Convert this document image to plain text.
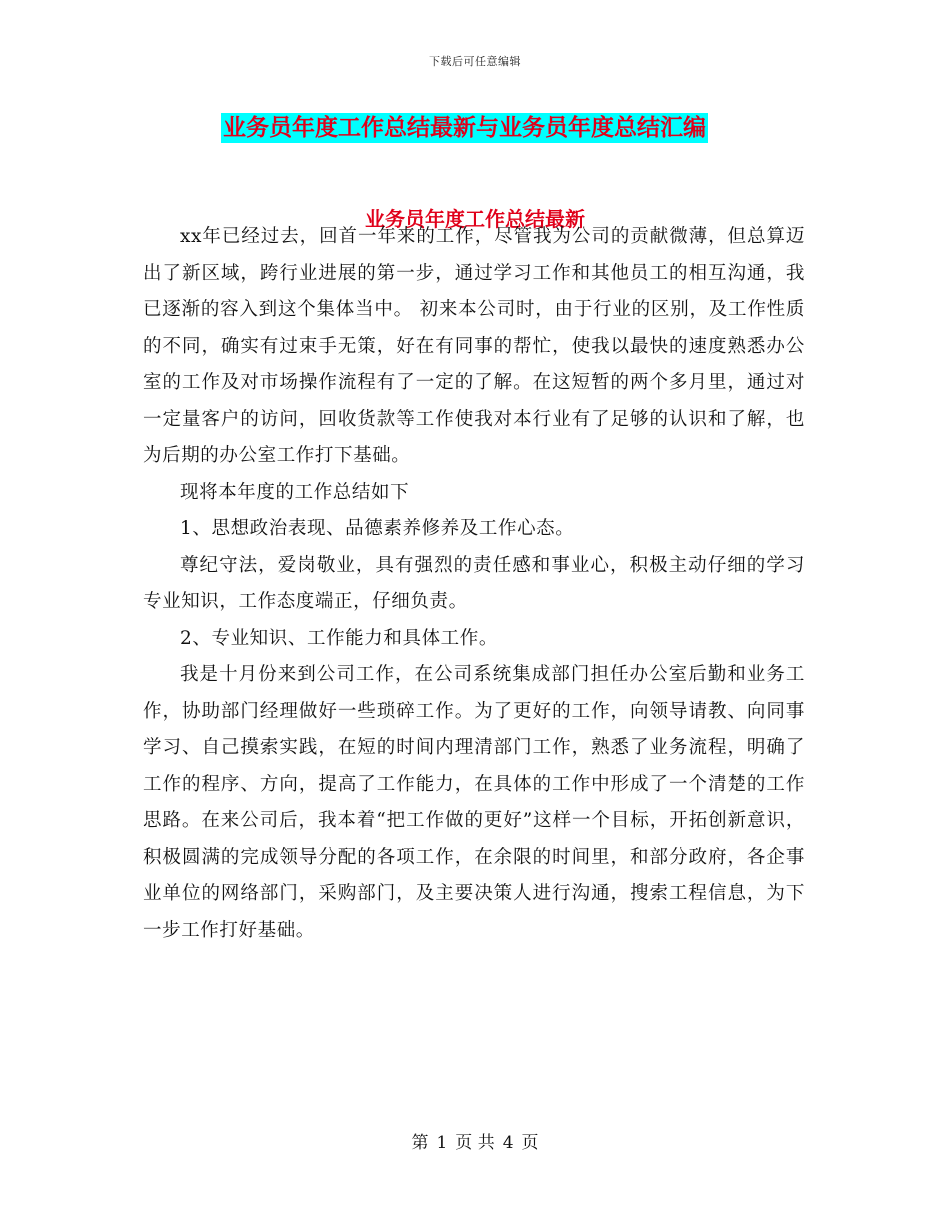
下载后可任意编辑
业务员年度工作总结最新与业务员年度总结汇编
业务员年度工作总结最新

xx年已经过去，回首一年来的工作，尽管我为公司的贡献微薄，但总算迈出了新区域，跨行业进展的第一步，通过学习工作和其他员工的相互沟通，我已逐渐的容入到这个集体当中。 初来本公司时，由于行业的区别，及工作性质的不同，确实有过束手无策，好在有同事的帮忙，使我以最快的速度熟悉办公室的工作及对市场操作流程有了一定的了解。在这短暂的两个多月里，通过对一定量客户的访问，回收货款等工作使我对本行业有了足够的认识和了解，也为后期的办公室工作打下基础。

现将本年度的工作总结如下

1、思想政治表现、品德素养修养及工作心态。

尊纪守法，爱岗敬业，具有强烈的责任感和事业心，积极主动仔细的学习专业知识，工作态度端正，仔细负责。

2、专业知识、工作能力和具体工作。

我是十月份来到公司工作，在公司系统集成部门担任办公室后勤和业务工作，协助部门经理做好一些琐碎工作。为了更好的工作，向领导请教、向同事学习、自己摸索实践，在短的时间内理清部门工作，熟悉了业务流程，明确了工作的程序、方向，提高了工作能力，在具体的工作中形成了一个清楚的工作思路。在来公司后，我本着“把工作做的更好”这样一个目标，开拓创新意识，积极圆满的完成领导分配的各项工作，在余限的时间里，和部分政府，各企事业单位的网络部门，采购部门，及主要决策人进行沟通，搜索工程信息，为下一步工作打好基础。

第 1 页 共 4 页
